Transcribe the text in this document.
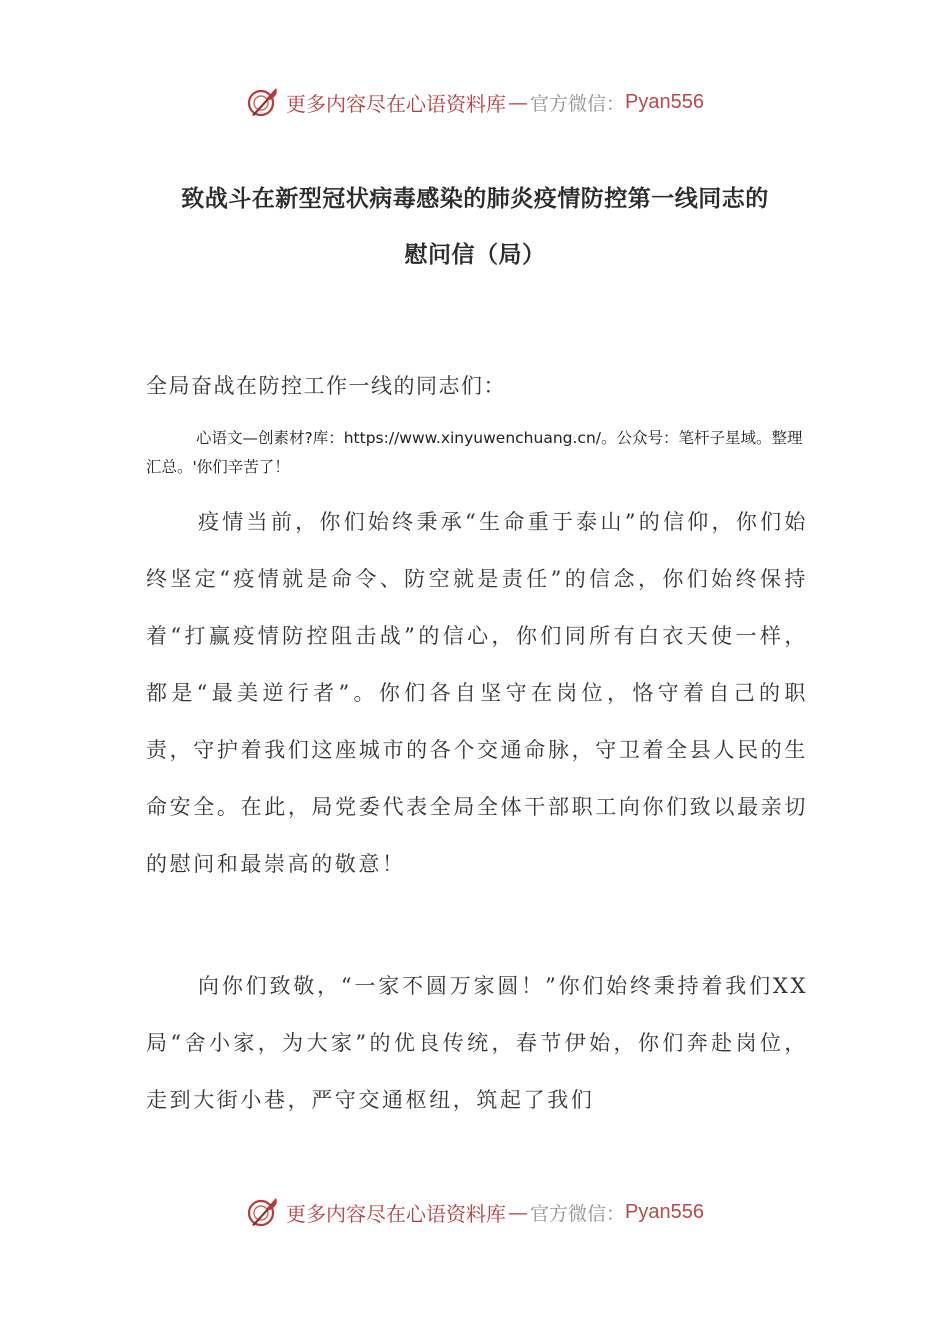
更多内容尽在心语资料库 — 官方微信： Pyan556
致战斗在新型冠状病毒感染的肺炎疫情防控第一线同志的
慰问信（局）
全局奋战在防控工作一线的同志们：
心语文—创素材?库：https://www.xinyuwenchuang.cn/。公众号：笔杆子星域。整理汇总。'你们辛苦了！

疫情当前，你们始终秉承“生命重于泰山”的信仰，你们始终坚定“疫情就是命令、防空就是责任”的信念，你们始终保持着“打赢疫情防控阻击战”的信心，你们同所有白衣天使一样，都是“最美逆行者”。你们各自坚守在岗位，恪守着自己的职责，守护着我们这座城市的各个交通命脉，守卫着全县人民的生命安全。在此，局党委代表全局全体干部职工向你们致以最亲切的慰问和最崇高的敬意！

向你们致敬，“一家不圆万家圆！”你们始终秉持着我们XX局“舍小家，为大家”的优良传统，春节伊始，你们奔赴岗位，走到大街小巷，严守交通枢纽，筑起了我们

更多内容尽在心语资料库 — 官方微信： Pyan556
